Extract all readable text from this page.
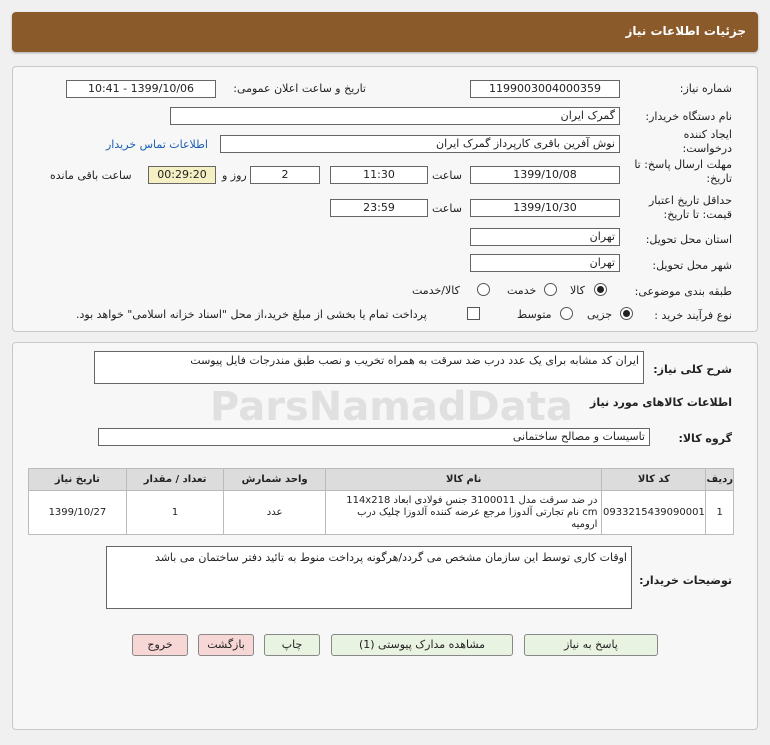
جزئیات اطلاعات نیاز
شماره نیاز:
1199003004000359
تاریخ و ساعت اعلان عمومی:
1399/10/06 - 10:41
نام دستگاه خریدار:
گمرک ایران
ایجاد کننده درخواست:
نوش آفرین باقری کارپرداز گمرک ایران
اطلاعات تماس خریدار
مهلت ارسال پاسخ: تا تاریخ:
1399/10/08
ساعت
11:30
2
روز و
00:29:20
ساعت باقی مانده
حداقل تاریخ اعتبار قیمت: تا تاریخ:
1399/10/30
ساعت
23:59
استان محل تحویل:
تهران
شهر محل تحویل:
تهران
طبقه بندی موضوعی:
کالا
خدمت
کالا/خدمت
نوع فرآیند خرید :
جزیی
متوسط
پرداخت تمام یا بخشی از مبلغ خرید،از محل "اسناد خزانه اسلامی" خواهد بود.
شرح کلی نیاز:
ایران کد مشابه برای یک عدد درب ضد سرقت به همراه تخریب و نصب طبق مندرجات فایل پیوست
اطلاعات کالاهای مورد نیاز
گروه کالا:
تاسیسات و مصالح ساختمانی
ردیف	کد کالا	نام کالا	واحد شمارش	تعداد / مقدار	تاریخ نیاز
1	0933215439090001	در ضد سرقت مدل 3100011 جنس فولادی ابعاد 114x218 cm نام تجارتی آلدوزا مرجع عرضه کننده آلدوزا چلیک درب ارومیه	عدد	1	1399/10/27
توضیحات خریدار:
اوقات کاری توسط این سازمان مشخص می گردد/هرگونه پرداخت منوط به تائید دفتر ساختمان می باشد
پاسخ به نیاز
مشاهده مدارک پیوستی (1)
چاپ
بازگشت
خروج
